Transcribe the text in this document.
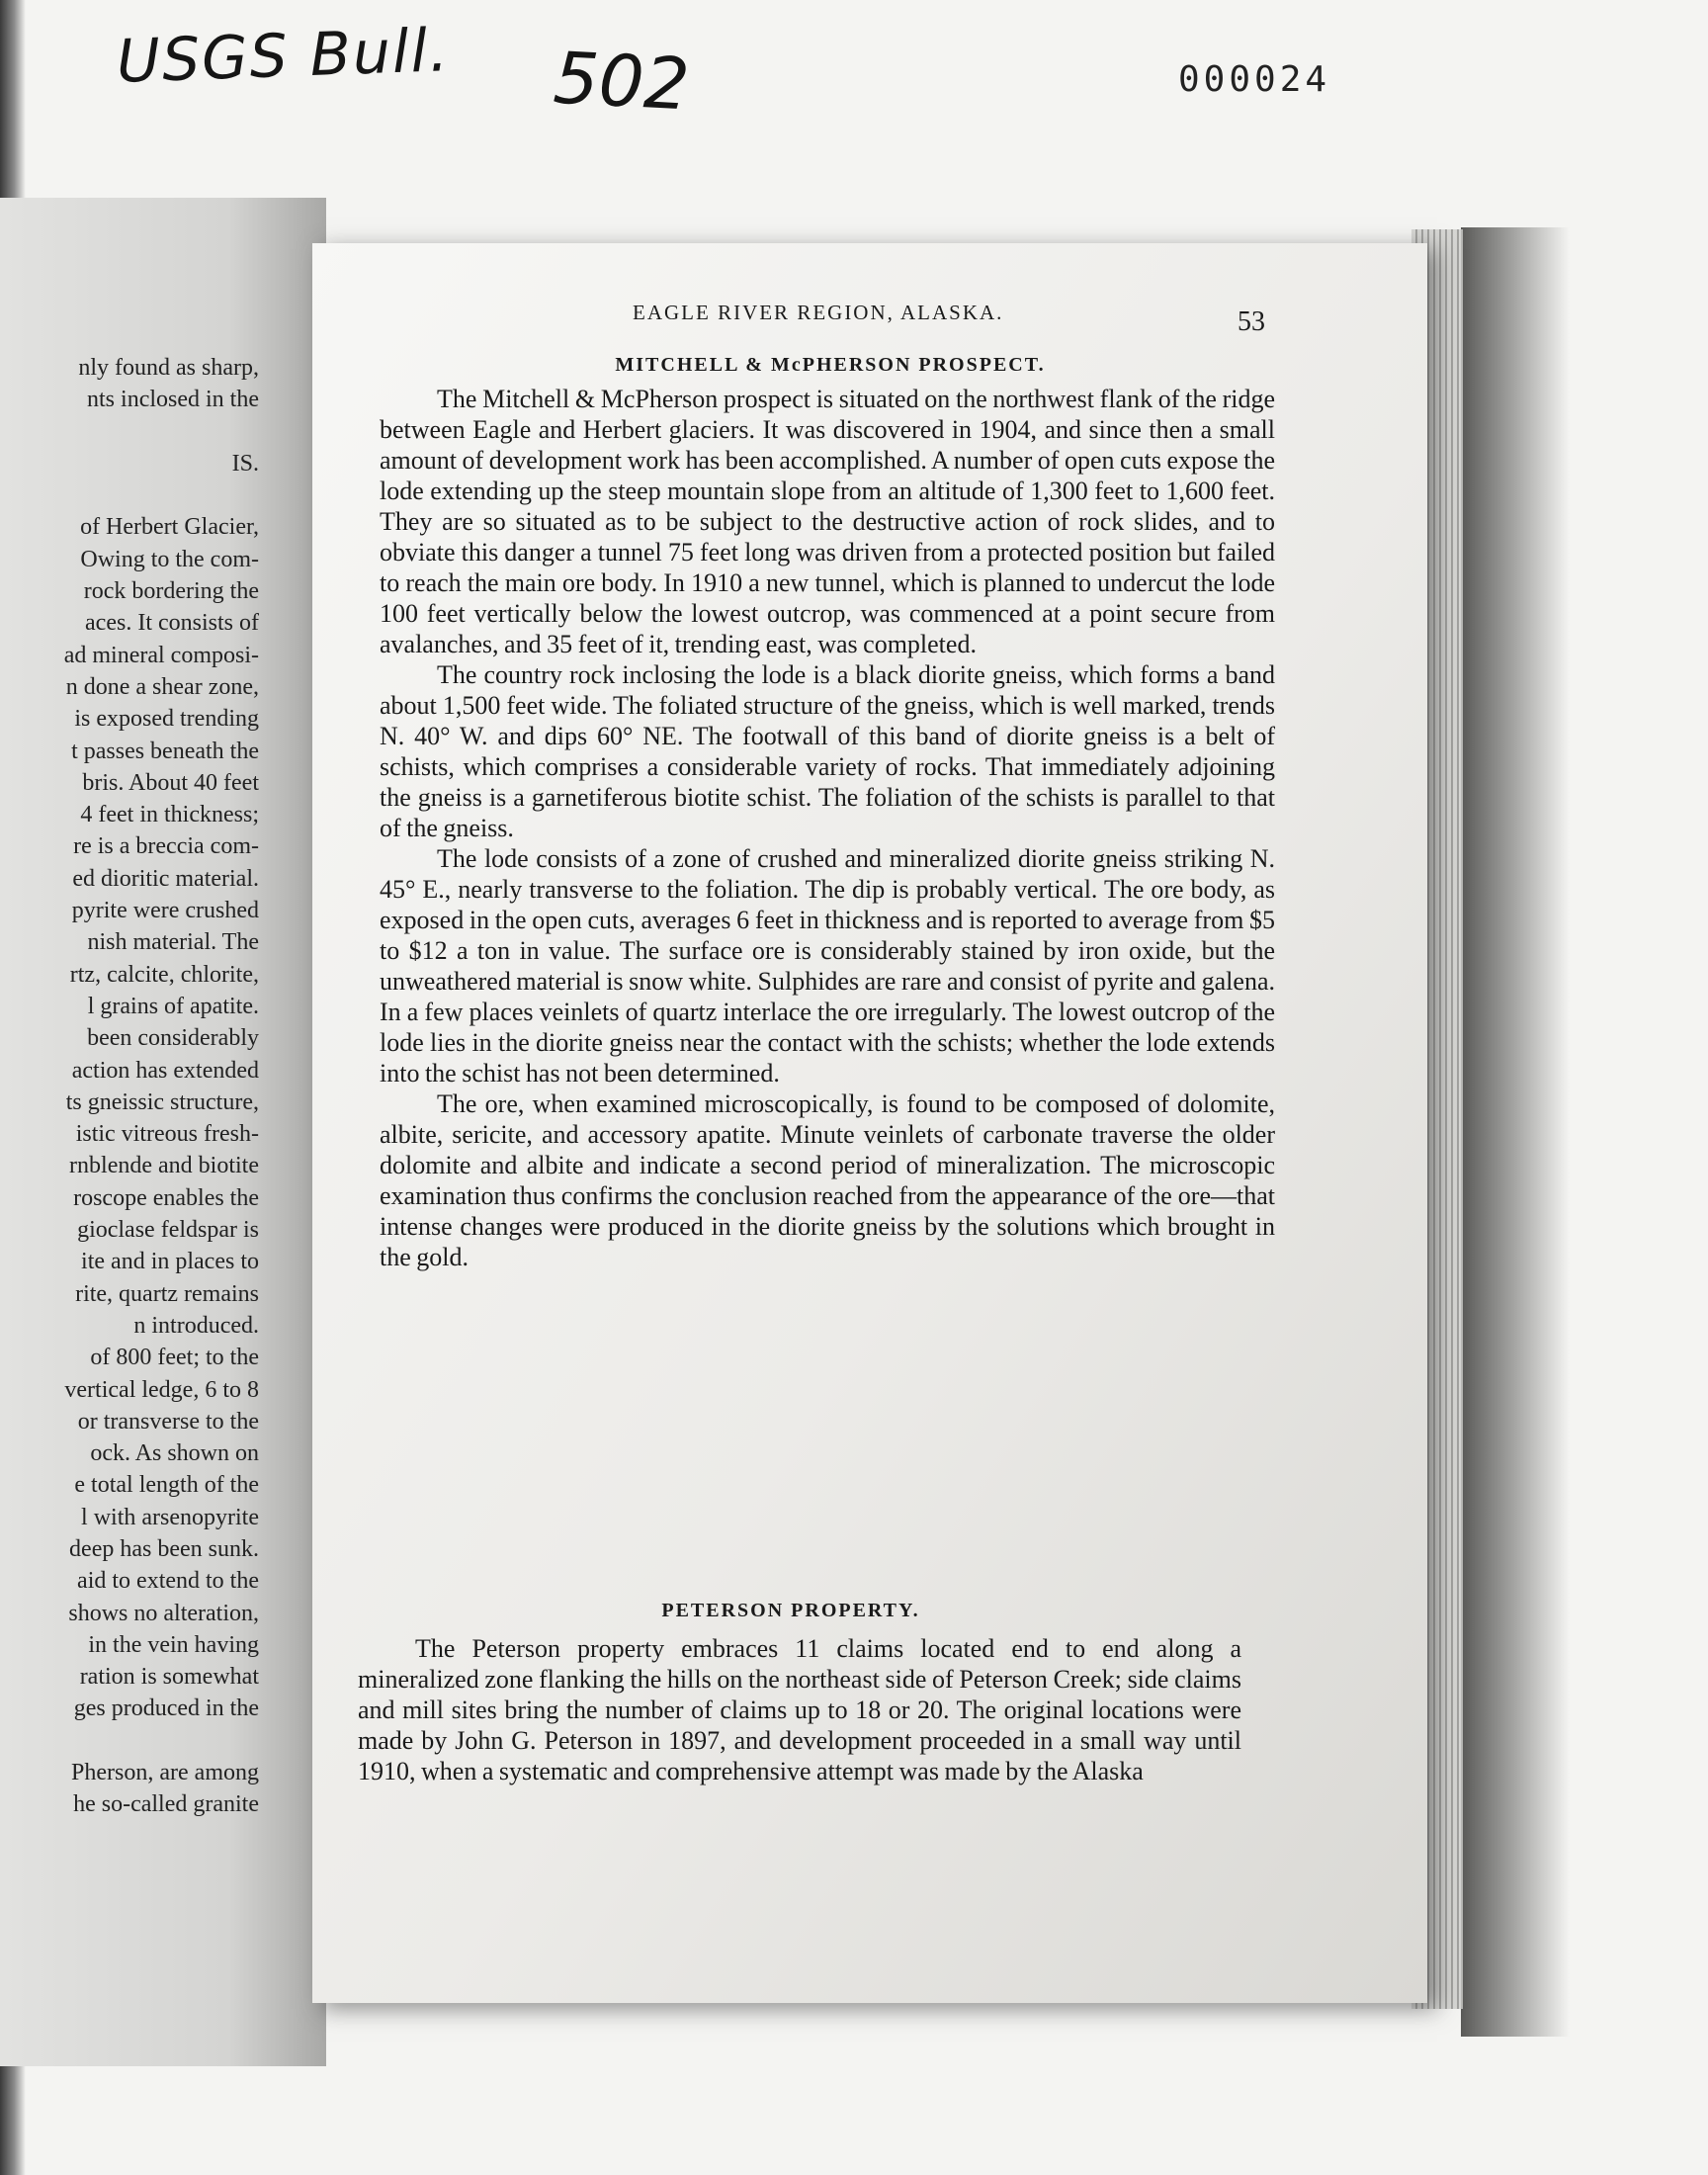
USGS Bull. 502	000024
nly found as sharp,
nts inclosed in the

IS.

of Herbert Glacier,
Owing to the com-
rock bordering the
aces. It consists of
ad mineral composi-
n done a shear zone,
is exposed trending
t passes beneath the
bris. About 40 feet
4 feet in thickness;
re is a breccia com-
ed dioritic material.
pyrite were crushed
nish material. The
rtz, calcite, chlorite,
l grains of apatite.
been considerably
action has extended
ts gneissic structure,
istic vitreous fresh-
rnblende and biotite
roscope enables the
gioclase feldspar is
ite and in places to
rite, quartz remains
n introduced.
of 800 feet; to the
vertical ledge, 6 to 8
or transverse to the
ock. As shown on
e total length of the
l with arsenopyrite
deep has been sunk.
aid to extend to the
shows no alteration,
in the vein having
ration is somewhat
ges produced in the

Pherson, are among
he so-called granite
EAGLE RIVER REGION, ALASKA.	53
MITCHELL & McPHERSON PROSPECT.

The Mitchell & McPherson prospect is situated on the northwest flank of the ridge between Eagle and Herbert glaciers. It was discovered in 1904, and since then a small amount of development work has been accomplished. A number of open cuts expose the lode extending up the steep mountain slope from an altitude of 1,300 feet to 1,600 feet. They are so situated as to be subject to the destructive action of rock slides, and to obviate this danger a tunnel 75 feet long was driven from a protected position but failed to reach the main ore body. In 1910 a new tunnel, which is planned to undercut the lode 100 feet vertically below the lowest outcrop, was commenced at a point secure from avalanches, and 35 feet of it, trending east, was completed.

The country rock inclosing the lode is a black diorite gneiss, which forms a band about 1,500 feet wide. The foliated structure of the gneiss, which is well marked, trends N. 40° W. and dips 60° NE. The footwall of this band of diorite gneiss is a belt of schists, which comprises a considerable variety of rocks. That immediately adjoining the gneiss is a garnetiferous biotite schist. The foliation of the schists is parallel to that of the gneiss.

The lode consists of a zone of crushed and mineralized diorite gneiss striking N. 45° E., nearly transverse to the foliation. The dip is probably vertical. The ore body, as exposed in the open cuts, averages 6 feet in thickness and is reported to average from $5 to $12 a ton in value. The surface ore is considerably stained by iron oxide, but the unweathered material is snow white. Sulphides are rare and consist of pyrite and galena. In a few places veinlets of quartz interlace the ore irregularly. The lowest outcrop of the lode lies in the diorite gneiss near the contact with the schists; whether the lode extends into the schist has not been determined.

The ore, when examined microscopically, is found to be composed of dolomite, albite, sericite, and accessory apatite. Minute veinlets of carbonate traverse the older dolomite and albite and indicate a second period of mineralization. The microscopic examination thus confirms the conclusion reached from the appearance of the ore—that intense changes were produced in the diorite gneiss by the solutions which brought in the gold.

PETERSON PROPERTY.

The Peterson property embraces 11 claims located end to end along a mineralized zone flanking the hills on the northeast side of Peterson Creek; side claims and mill sites bring the number of claims up to 18 or 20. The original locations were made by John G. Peterson in 1897, and development proceeded in a small way until 1910, when a systematic and comprehensive attempt was made by the Alaska
